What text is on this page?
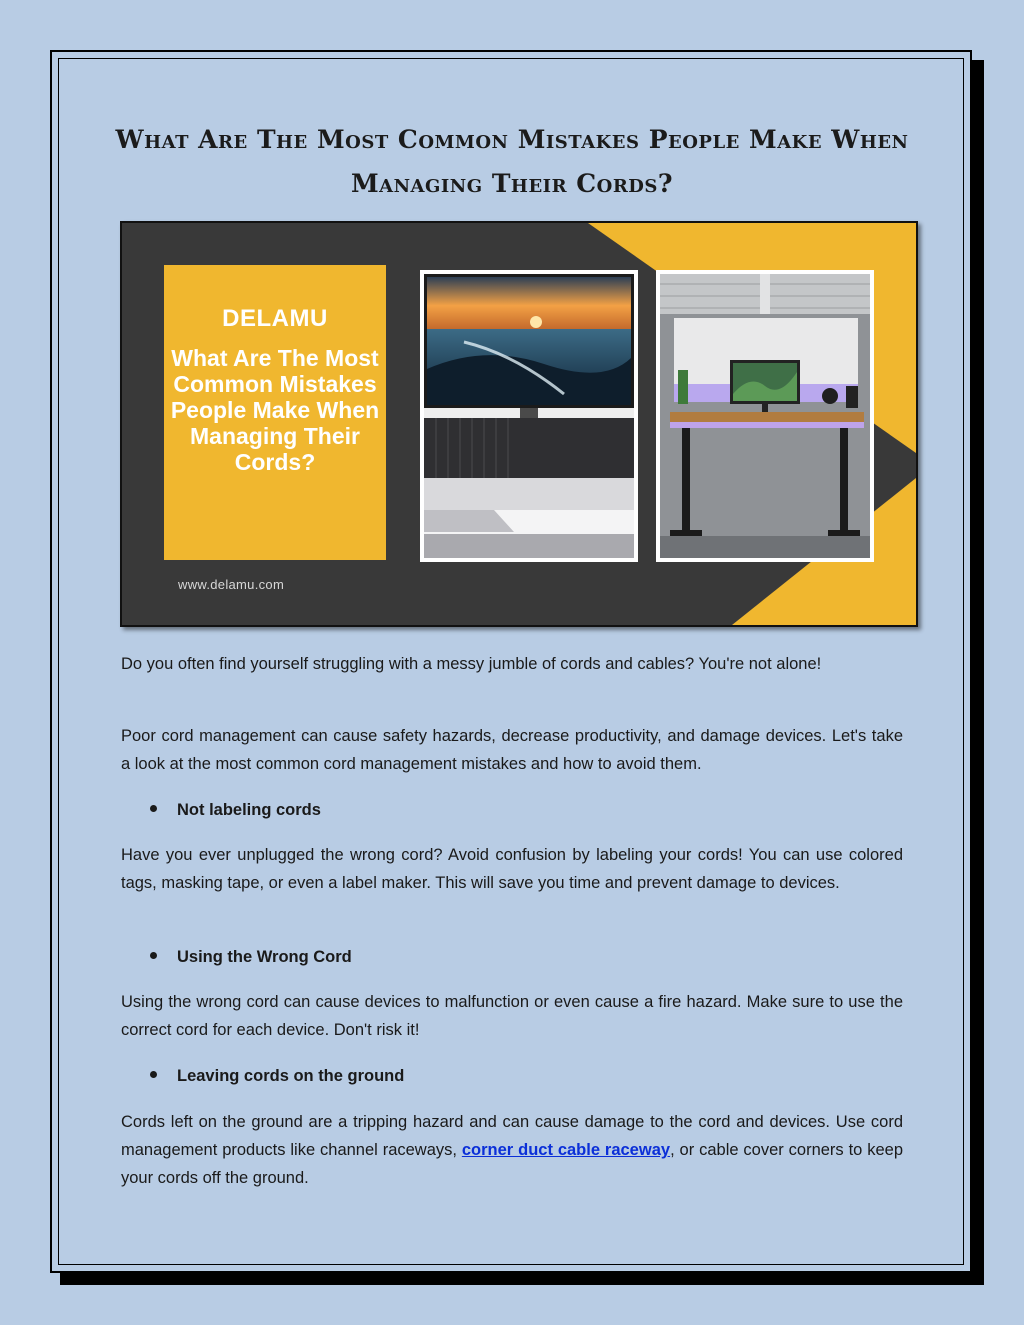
What Are The Most Common Mistakes People Make When Managing Their Cords?
DELAMU
What Are The Most Common Mistakes People Make When Managing Their Cords?
www.delamu.com

Do you often find yourself struggling with a messy jumble of cords and cables? You're not alone!

Poor cord management can cause safety hazards, decrease productivity, and damage devices. Let's take a look at the most common cord management mistakes and how to avoid them.

Not labeling cords

Have you ever unplugged the wrong cord? Avoid confusion by labeling your cords! You can use colored tags, masking tape, or even a label maker. This will save you time and prevent damage to devices.

Using the Wrong Cord

Using the wrong cord can cause devices to malfunction or even cause a fire hazard. Make sure to use the correct cord for each device. Don't risk it!

Leaving cords on the ground

Cords left on the ground are a tripping hazard and can cause damage to the cord and devices. Use cord management products like channel raceways, corner duct cable raceway, or cable cover corners to keep your cords off the ground.
